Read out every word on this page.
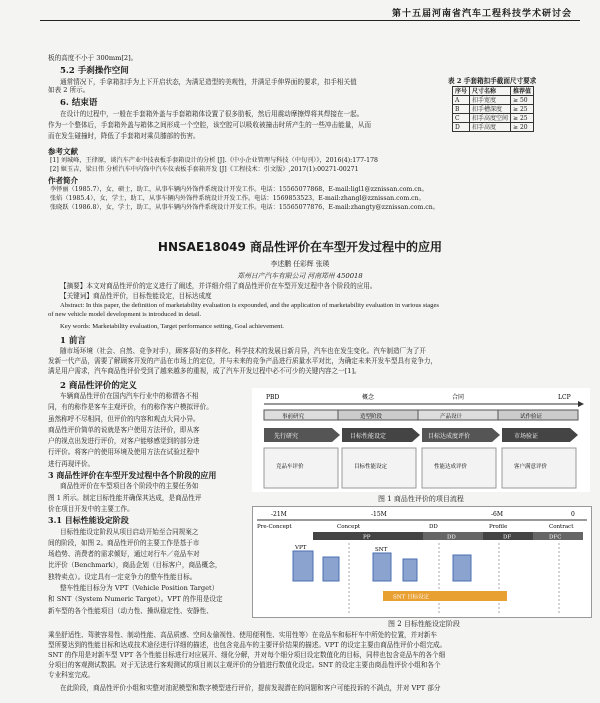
第十五届河南省汽车工程科技学术研讨会
板的高度不小于 300mm[2]。
5.2 手刹操作空间
通常情况下，手拿箱扣手为上下开启状态，为满足造型的美观性，并满足手伸界面的要求，扣手相关值
如表 2 所示。
6. 结束语
在设计的过程中，一般在手套箱外盖与手套箱箱体设置了很多肋板，然后用震动摩擦焊将其焊接在一起。
作为一个整体后，手套箱外盖与箱体之间形成一个空腔，该空腔可以吸收被撞击时所产生的一些冲击能量，从而
而在发生碰撞时，降低了手套箱对乘员膝部的伤害。
表 2 手套箱扣手截面尺寸要求
序号	尺寸名称	推荐值
A	扣手宽度	≥ 50
B	扣手槽深度	≥ 25
C	扣手高度空间	≥ 25
D	扣手高度	≥ 20
参考文献
[1] 刘城峰，王律原，谈汽车产业中技表板手套箱设计的分析 [J].《中小企业管理与科技（中旬刊）》，2016(4):177-178
[2] 姬玉吉，梁日伟 分析汽车中内饰中汽车仪表板手套箱开发 [J]《工程技术：引文版》,2017(1):00271-00271
作者简介
李怿丽（1985.7），女，硕士，助工，从事车辆内外饰件系统设计开发工作。电话：15565077868，E-mail:ligl1@zznissan.com.cn。
张焰（1985.4），女，学士，助工，从事车辆内外饰件系统设计开发工作。电话：1569853523，E-mail:zhangl@zznissan.com.cn。
张晓跃（1986.8），女，学士，助工，从事车辆内外饰件系统设计开发工作。电话：15565077876，E-mail:zhangty@zznissan.com.cn。
HNSAE18049 商品性评价在车型开发过程中的应用
李述鹏 任彩辉 张瑛
郑州日产汽车有限公司 河南郑州 450018
【摘要】本文对商品性评价的定义进行了阐述，并详细介绍了商品性评价在车型开发过程中各个阶段的应用。
【关键词】商品性评价，目标性能设定，目标达成度
Abstract: In this paper, the definition of marketability evaluation is expounded, and the application of marketability evaluation in various stages
of new vehicle model development is introduced in detail.
Key words: Marketability evaluation, Target performance setting, Goal achievement.
1 前言
随市场环境（社会、自然、竞争对手），顾客喜好的多样化、科学技术的发展日新月异，汽车也在发生变化。汽车制造厂为了开
发新一代产品，需要了解顾客开发的产品在市场上的定位，并与未来的竞争产品进行质量水平对比，为确定未来开发车型具有竞争力，
满足用户需求，汽车商品性评价受到了越来越多的重视，成了汽车开发过程中必不可少的关键内容之一[1]。
2 商品性评价的定义
车辆商品性评价在国内汽车行业中的称谓各不相
同，有的称作是客车主观评价，有的称作客户模拟评价。
虽然称呼不尽相同，但评价的内容和观点大同小异。
商品性评价简单的说就是客户使用方法评价，即从客
户的视点出发进行评价，对客户能够感觉到的部分进
行评价。将客户的使用环境及使用方法在试验过程中
进行再现评价。
3 商品性评价在车型开发过程中各个阶段的应用
商品性评价在车型项目各个阶段中的主要任务如
图 1 所示。制定目标性能并确保其达成，是商品性评
价在项目开发中的主要工作。
3.1 目标性能设定阶段
目标性能设定阶段从项目启动开始至合同规案之
间的阶段，如图 2。商品性评价的主要工作是基于市
场趋势、消费者的需求倾好，通过对行车／竞品车对
比评价（Benchmark），商品企划（目标客户，商品概念，
独特卖点）。设定具有一定竞争力的整车性能目标。
整车性能目标分为 VPT（Vehicle Position Target）
和 SNT（System Numeric Target）。VPT 的作用是设定
新车型的各个性能项目（动力性、操纵稳定性、安静性、
PBD	概念	合同	LCP
事前研究	造型阶段	产品设计	试作验证
先行研究	目标性能设定	目标达成度评价	市场验证
竞品车评价	目标性能设定	性能达成评价	客户满意评价
图 1 商品性评价的项目流程
-21M	-15M	-6M	0
Pre-Concept	Concept	DD	Profile	Contract
PP	DD	DF	DFC
VPT	SNT
SNT 目标设定
图 2 目标性能设定阶段
乘坐舒适性、驾驶容易性、制动性能、高品质感、空间＆偷视性、使用便利性、实用性等）在竞品车和标杆车中所处的位置，并对新车
型所要达到的性能目标和达成技术途径进行详细的描述，也包含竞品车的主要评价结果的描述。VPT 的设定主要由商品性评价小组完成。
SNT 的作用是对新车型 VPT 各个性能目标进行对应展开、细化分解，并对每个细分项目设定数值化的目标，同样也包含竞品车的各个细
分项目的客观测试数据。对于无法进行客观测试的项目则以主观评价的分值进行数值化设定。SNT 的设定主要由商品性评价小组和各个
专业科室完成。
在此阶段，商品性评价小组和实整对油泥模型和数字模型进行评价，提前发现潜在的问题和客户可能投诉的不满点，并对 VPT 部分
